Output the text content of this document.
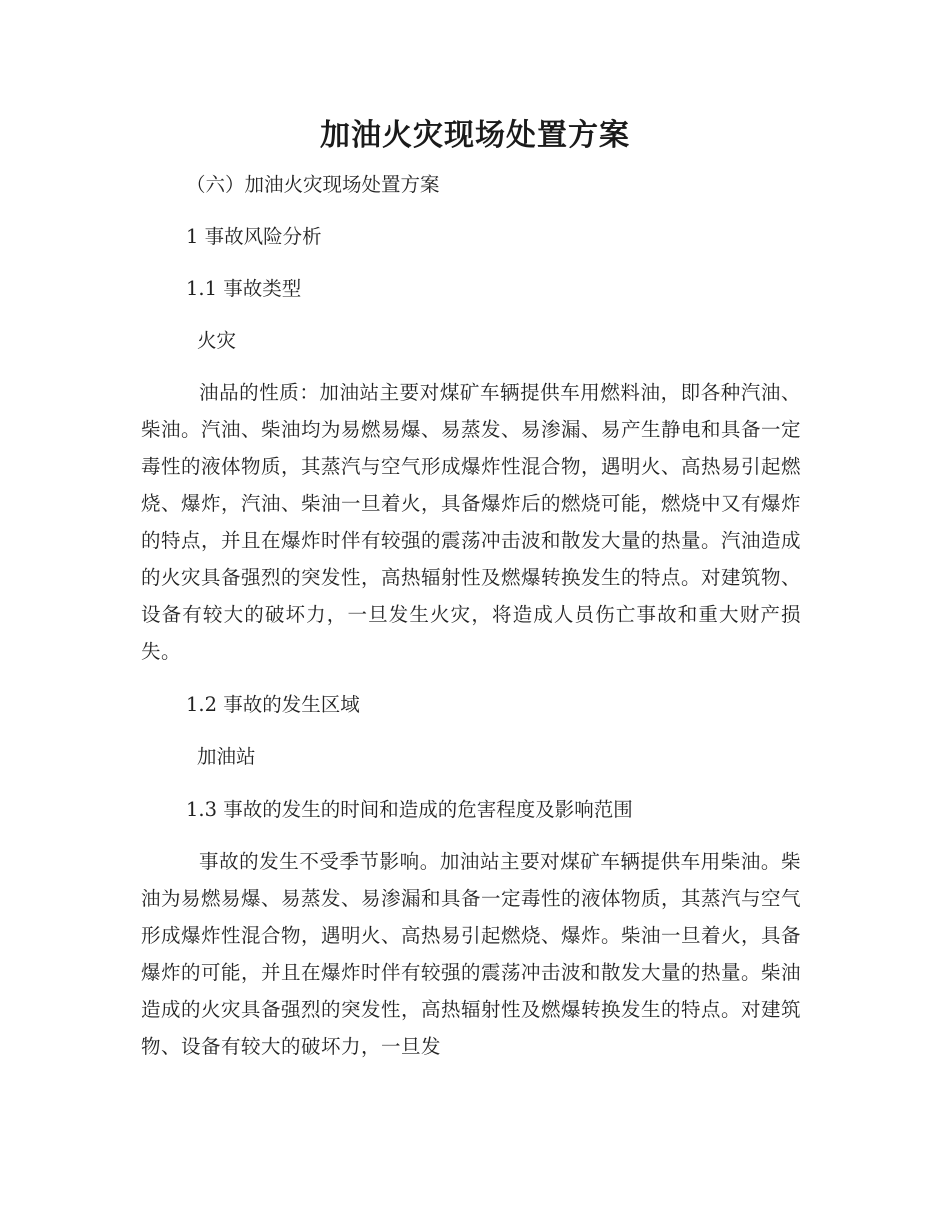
加油火灾现场处置方案
（六）加油火灾现场处置方案
1 事故风险分析
1.1 事故类型
火灾
油品的性质：加油站主要对煤矿车辆提供车用燃料油，即各种汽油、柴油。汽油、柴油均为易燃易爆、易蒸发、易渗漏、易产生静电和具备一定毒性的液体物质，其蒸汽与空气形成爆炸性混合物，遇明火、高热易引起燃烧、爆炸，汽油、柴油一旦着火，具备爆炸后的燃烧可能，燃烧中又有爆炸的特点，并且在爆炸时伴有较强的震荡冲击波和散发大量的热量。汽油造成的火灾具备强烈的突发性，高热辐射性及燃爆转换发生的特点。对建筑物、设备有较大的破坏力，一旦发生火灾，将造成人员伤亡事故和重大财产损失。
1.2 事故的发生区域
加油站
1.3 事故的发生的时间和造成的危害程度及影响范围
事故的发生不受季节影响。加油站主要对煤矿车辆提供车用柴油。柴油为易燃易爆、易蒸发、易渗漏和具备一定毒性的液体物质，其蒸汽与空气形成爆炸性混合物，遇明火、高热易引起燃烧、爆炸。柴油一旦着火，具备爆炸的可能，并且在爆炸时伴有较强的震荡冲击波和散发大量的热量。柴油造成的火灾具备强烈的突发性，高热辐射性及燃爆转换发生的特点。对建筑物、设备有较大的破坏力，一旦发
